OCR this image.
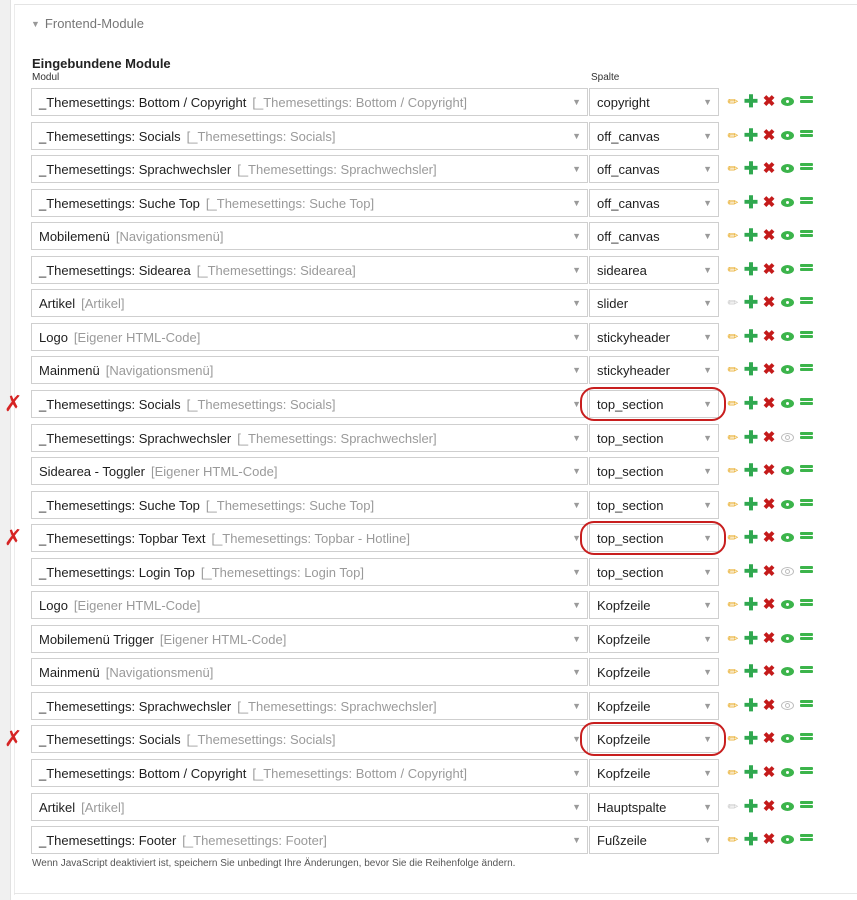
▼ Frontend-Module
Eingebundene Module
Modul	Spalte
_Themesettings: Bottom / Copyright [_Themesettings: Bottom / Copyright]	▼ copyright	▼ ✏ ✚ ✖
_Themesettings: Socials [_Themesettings: Socials]	▼ off_canvas	▼ ✏ ✚ ✖
_Themesettings: Sprachwechsler [_Themesettings: Sprachwechsler]	▼ off_canvas	▼ ✏ ✚ ✖
_Themesettings: Suche Top [_Themesettings: Suche Top]	▼ off_canvas	▼ ✏ ✚ ✖
Mobilemenü [Navigationsmenü]	▼ off_canvas	▼ ✏ ✚ ✖
_Themesettings: Sidearea [_Themesettings: Sidearea]	▼ sidearea	▼ ✏ ✚ ✖
Artikel [Artikel]	▼ slider	▼ ✏ ✚ ✖
Logo [Eigener HTML-Code]	▼ stickyheader	▼ ✏ ✚ ✖
Mainmenü [Navigationsmenü]	▼ stickyheader	▼ ✏ ✚ ✖
_Themesettings: Socials [_Themesettings: Socials]	▼ top_section	▼ ✏ ✚ ✖
✗
_Themesettings: Sprachwechsler [_Themesettings: Sprachwechsler]	▼ top_section	▼ ✏ ✚ ✖
Sidearea - Toggler [Eigener HTML-Code]	▼ top_section	▼ ✏ ✚ ✖
_Themesettings: Suche Top [_Themesettings: Suche Top]	▼ top_section	▼ ✏ ✚ ✖
_Themesettings: Topbar Text [_Themesettings: Topbar - Hotline]	▼ top_section	▼ ✏ ✚ ✖
✗
_Themesettings: Login Top [_Themesettings: Login Top]	▼ top_section	▼ ✏ ✚ ✖
Logo [Eigener HTML-Code]	▼ Kopfzeile	▼ ✏ ✚ ✖
Mobilemenü Trigger [Eigener HTML-Code]	▼ Kopfzeile	▼ ✏ ✚ ✖
Mainmenü [Navigationsmenü]	▼ Kopfzeile	▼ ✏ ✚ ✖
_Themesettings: Sprachwechsler [_Themesettings: Sprachwechsler]	▼ Kopfzeile	▼ ✏ ✚ ✖
_Themesettings: Socials [_Themesettings: Socials]	▼ Kopfzeile	▼ ✏ ✚ ✖
✗
_Themesettings: Bottom / Copyright [_Themesettings: Bottom / Copyright]	▼ Kopfzeile	▼ ✏ ✚ ✖
Artikel [Artikel]	▼ Hauptspalte	▼ ✏ ✚ ✖
_Themesettings: Footer [_Themesettings: Footer]	▼ Fußzeile	▼ ✏ ✚ ✖
Wenn JavaScript deaktiviert ist, speichern Sie unbedingt Ihre Änderungen, bevor Sie die Reihenfolge ändern.
